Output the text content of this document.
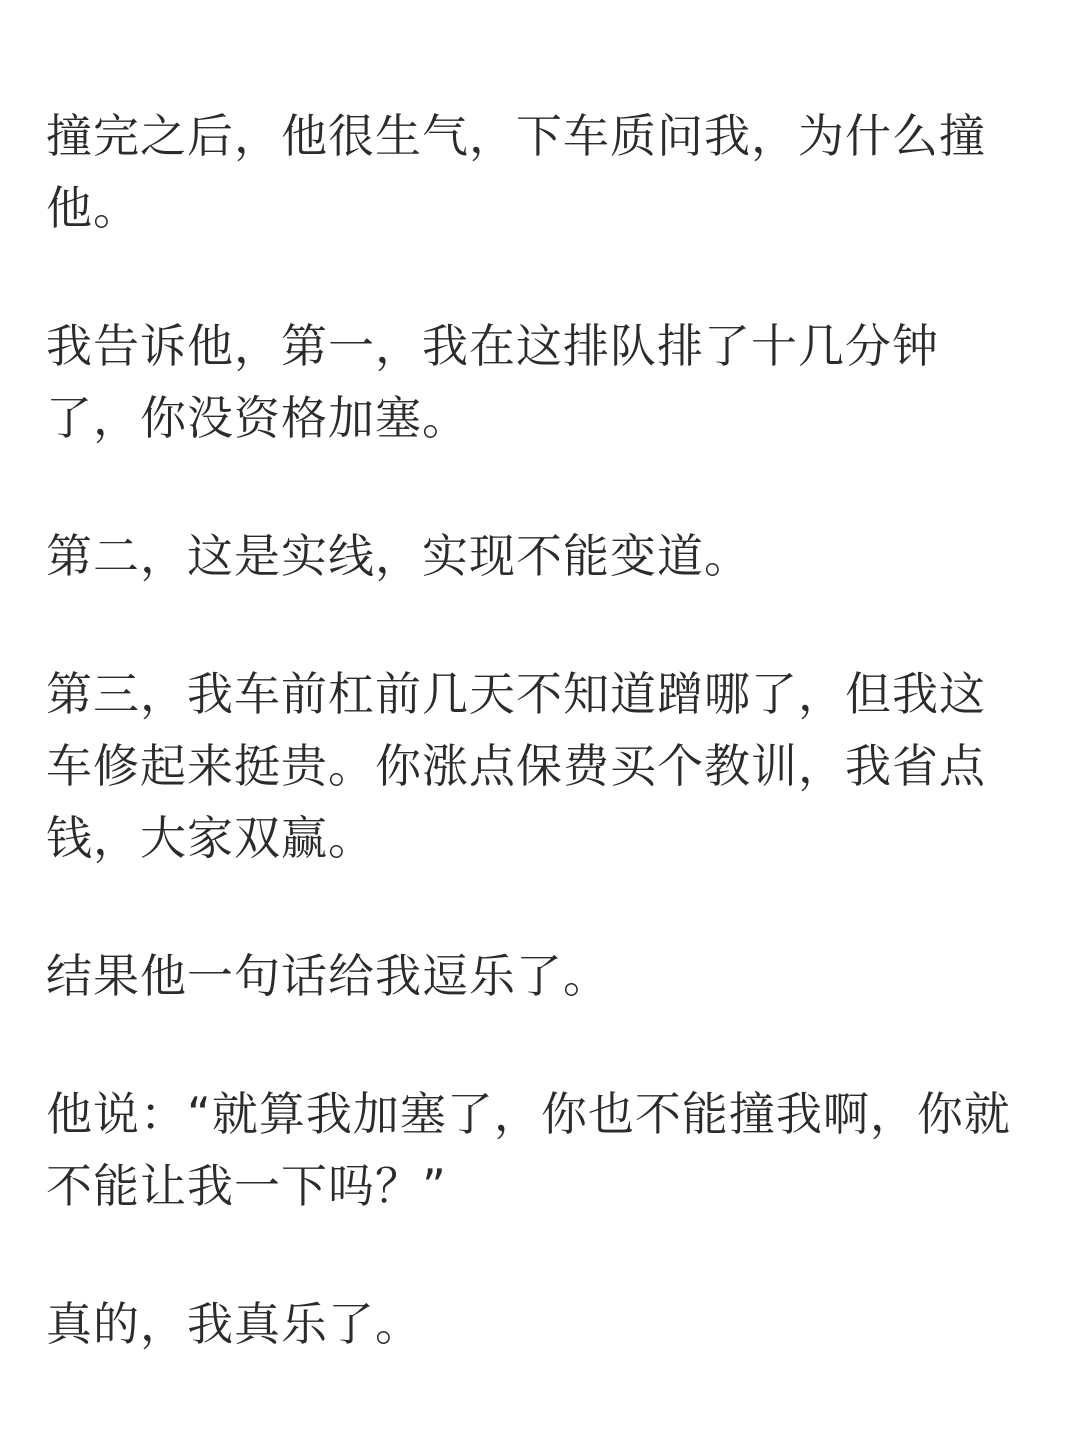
撞完之后，他很生气，下车质问我，为什么撞
他。

我告诉他，第一，我在这排队排了十几分钟
了，你没资格加塞。

第二，这是实线，实现不能变道。

第三，我车前杠前几天不知道蹭哪了，但我这
车修起来挺贵。你涨点保费买个教训，我省点
钱，大家双赢。

结果他一句话给我逗乐了。

他说：“就算我加塞了，你也不能撞我啊，你就
不能让我一下吗？”

真的，我真乐了。
